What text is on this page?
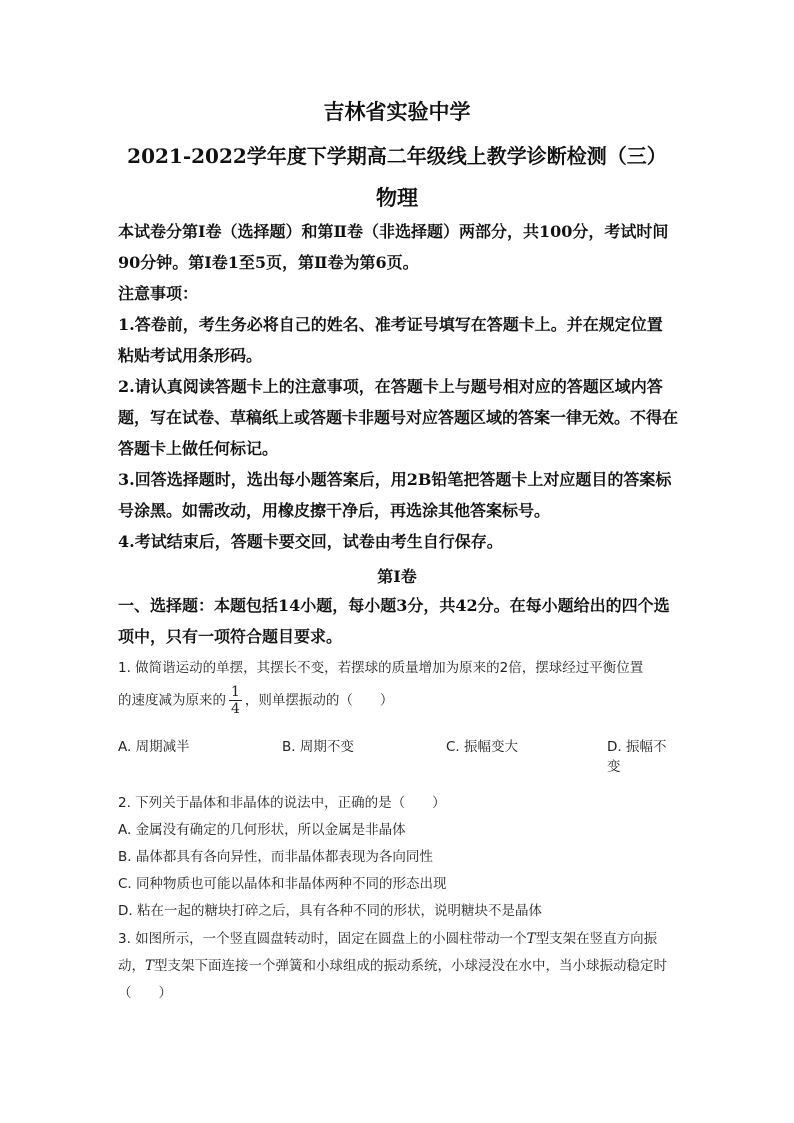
吉林省实验中学
2021-2022学年度下学期高二年级线上教学诊断检测（三）
物理

本试卷分第Ⅰ卷（选择题）和第Ⅱ卷（非选择题）两部分，共100分，考试时间90分钟。第Ⅰ卷1至5页，第Ⅱ卷为第6页。

注意事项：

1.答卷前，考生务必将自己的姓名、准考证号填写在答题卡上。并在规定位置粘贴考试用条形码。

2.请认真阅读答题卡上的注意事项，在答题卡上与题号相对应的答题区域内答题，写在试卷、草稿纸上或答题卡非题号对应答题区域的答案一律无效。不得在答题卡上做任何标记。

3.回答选择题时，选出每小题答案后，用2B铅笔把答题卡上对应题目的答案标号涂黑。如需改动，用橡皮擦干净后，再选涂其他答案标号。

4.考试结束后，答题卡要交回，试卷由考生自行保存。

第Ⅰ卷
一、选择题：本题包括14小题，每小题3分，共42分。在每小题给出的四个选项中，只有一项符合题目要求。

1. 做简谐运动的单摆，其摆长不变，若摆球的质量增加为原来的2倍，摆球经过平衡位置

的速度减为原来的 $\frac{1}{4}$ ，则单摆振动的（　　）

A. 周期减半	B. 周期不变	C. 振幅变大	D. 振幅不变

2. 下列关于晶体和非晶体的说法中，正确的是（　　）

A. 金属没有确定的几何形状，所以金属是非晶体

B. 晶体都具有各向异性，而非晶体都表现为各向同性

C. 同种物质也可能以晶体和非晶体两种不同的形态出现

D. 粘在一起的糖块打碎之后，具有各种不同的形状，说明糖块不是晶体

3. 如图所示，一个竖直圆盘转动时，固定在圆盘上的小圆柱带动一个T型支架在竖直方向振动，T型支架下面连接一个弹簧和小球组成的振动系统，小球浸没在水中，当小球振动稳定时（　　）
